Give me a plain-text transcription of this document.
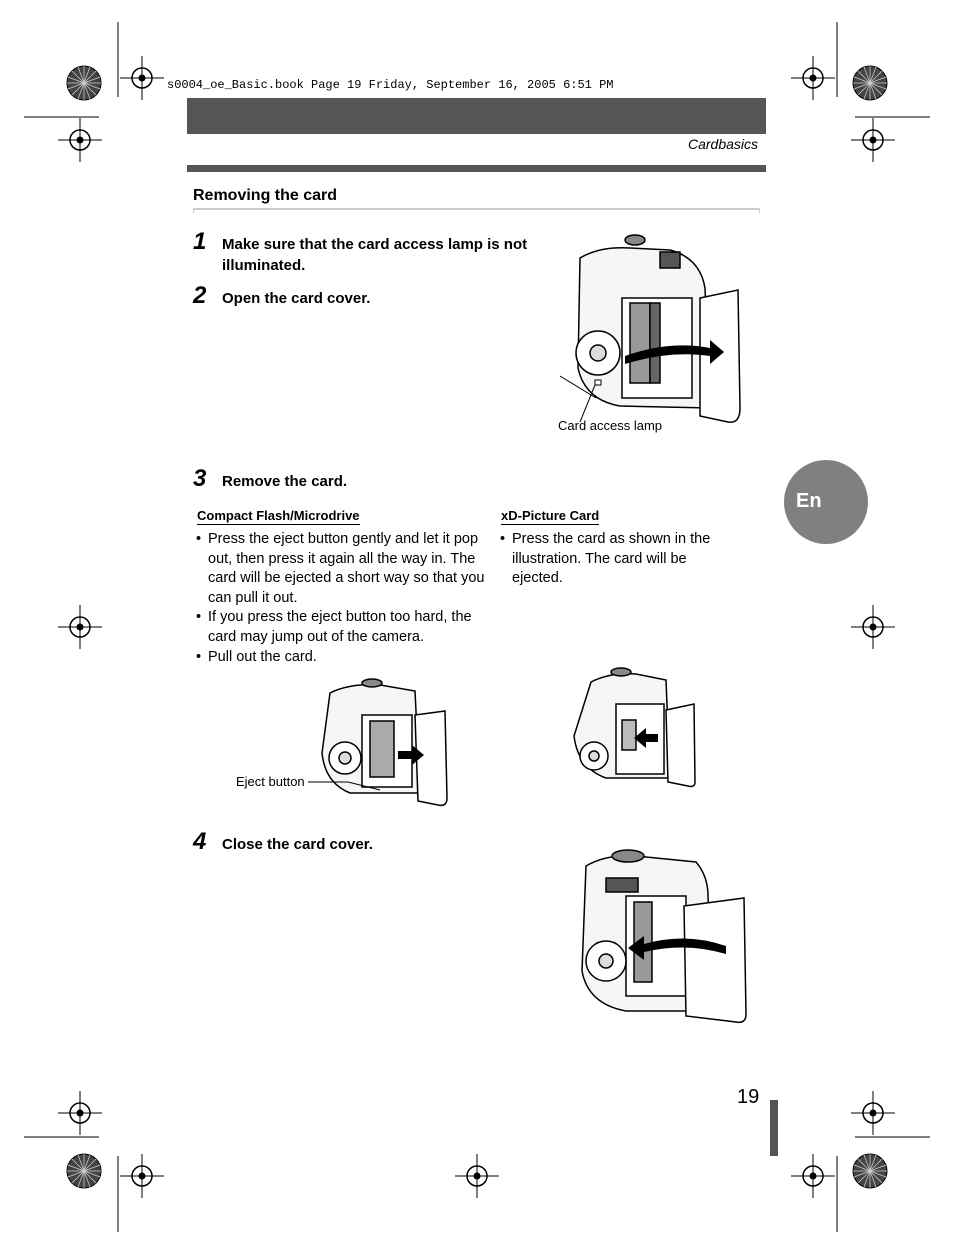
s0004_oe_Basic.book Page 19 Friday, September 16, 2005 6:51 PM
Cardbasics
Removing the card
1 Make sure that the card access lamp is not illuminated.
2 Open the card cover.
Card access lamp
3 Remove the card.
En
Compact Flash/Microdrive
• Press the eject button gently and let it pop out, then press it again all the way in. The card will be ejected a short way so that you can pull it out.
• If you press the eject button too hard, the card may jump out of the camera.
• Pull out the card.
xD-Picture Card
• Press the card as shown in the illustration. The card will be ejected.
Eject button
4 Close the card cover.
19
